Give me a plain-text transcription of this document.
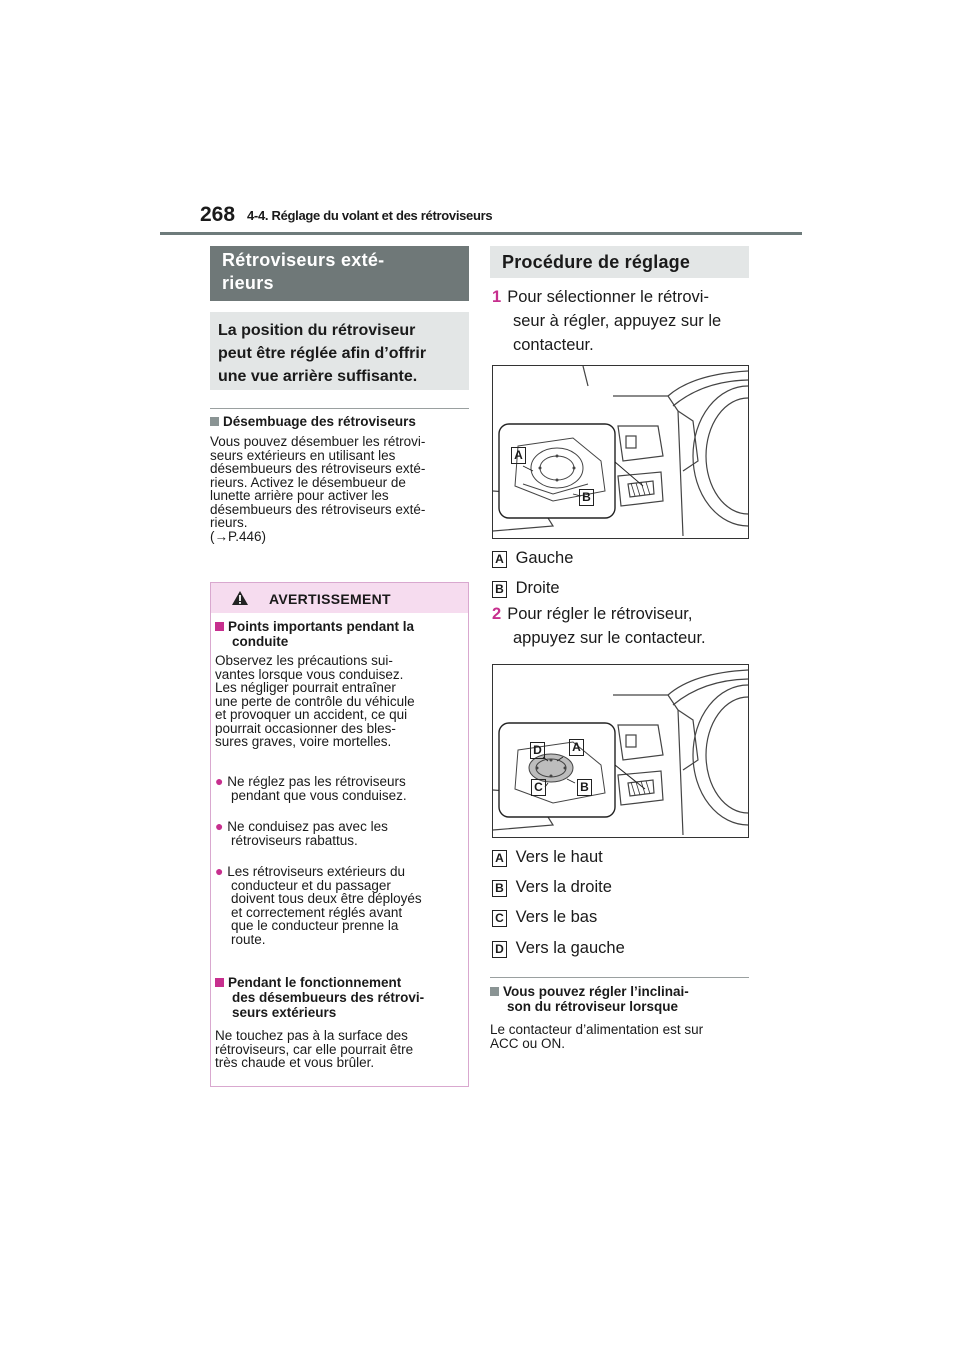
268 4-4. Réglage du volant et des rétroviseurs
Rétroviseurs exté-
rieurs
La position du rétroviseur
peut être réglée afin d’offrir
une vue arrière suffisante.
Désembuage des rétroviseurs
Vous pouvez désembuer les rétrovi-
seurs extérieurs en utilisant les
désembueurs des rétroviseurs exté-
rieurs. Activez le désembueur de
lunette arrière pour activer les
désembueurs des rétroviseurs exté-
rieurs.
(→P.446)
AVERTISSEMENT
Points importants pendant la
conduite
Observez les précautions sui-
vantes lorsque vous conduisez.
Les négliger pourrait entraîner
une perte de contrôle du véhicule
et provoquer un accident, ce qui
pourrait occasionner des bles-
sures graves, voire mortelles.
● Ne réglez pas les rétroviseurs
pendant que vous conduisez.
● Ne conduisez pas avec les
rétroviseurs rabattus.
● Les rétroviseurs extérieurs du
conducteur et du passager
doivent tous deux être déployés
et correctement réglés avant
que le conducteur prenne la
route.
Pendant le fonctionnement
des désembueurs des rétrovi-
seurs extérieurs
Ne touchez pas à la surface des
rétroviseurs, car elle pourrait être
très chaude et vous brûler.
Procédure de réglage
1 Pour sélectionner le rétrovi-
seur à régler, appuyez sur le
contacteur.
A
B
A Gauche
B Droite
2 Pour régler le rétroviseur,
appuyez sur le contacteur.
D	A
C	B
A Vers le haut
B Vers la droite
C Vers le bas
D Vers la gauche
Vous pouvez régler l’inclinai-
son du rétroviseur lorsque
Le contacteur d’alimentation est sur
ACC ou ON.
